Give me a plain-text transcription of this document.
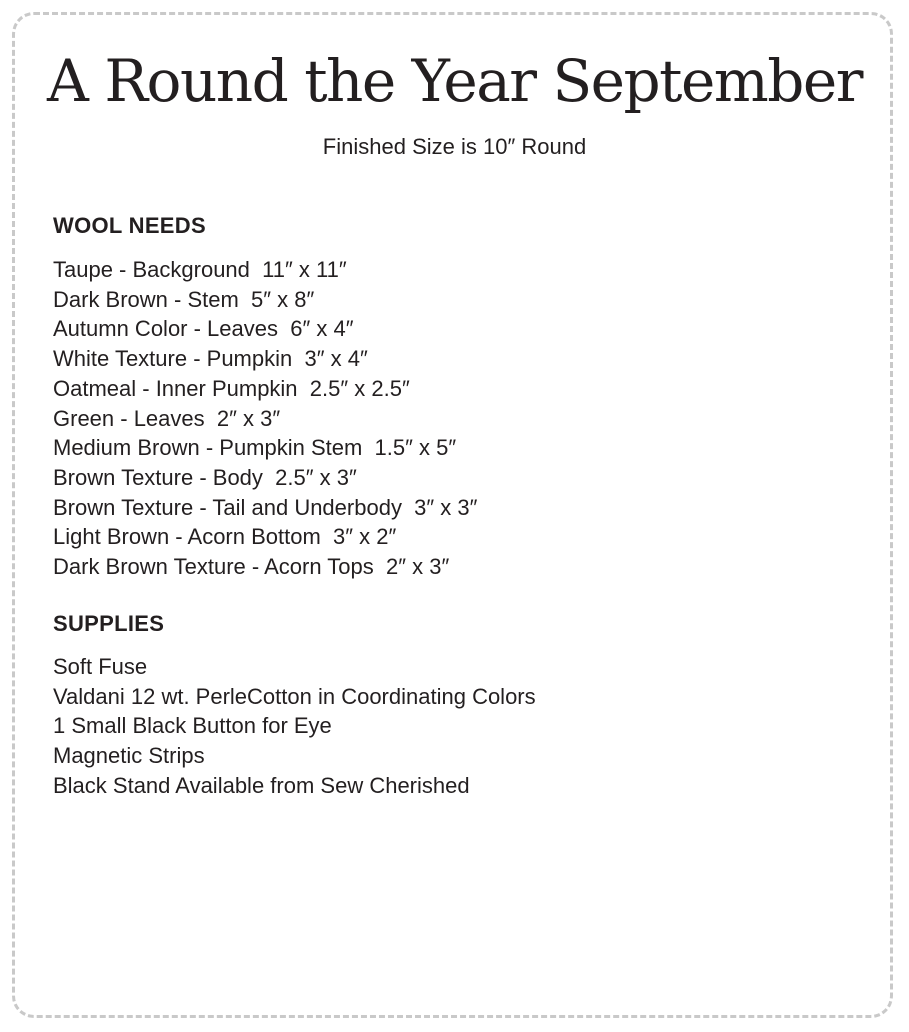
A Round the Year September

Finished Size is 10″ Round

WOOL NEEDS
Taupe - Background  11″ x 11″
Dark Brown - Stem  5″ x 8″
Autumn Color - Leaves  6″ x 4″
White Texture - Pumpkin  3″ x 4″
Oatmeal - Inner Pumpkin  2.5″ x 2.5″
Green - Leaves  2″ x 3″
Medium Brown - Pumpkin Stem  1.5″ x 5″
Brown Texture - Body  2.5″ x 3″
Brown Texture - Tail and Underbody  3″ x 3″
Light Brown - Acorn Bottom  3″ x 2″
Dark Brown Texture - Acorn Tops  2″ x 3″
SUPPLIES
Soft Fuse
Valdani 12 wt. PerleCotton in Coordinating Colors
1 Small Black Button for Eye
Magnetic Strips
Black Stand Available from Sew Cherished
